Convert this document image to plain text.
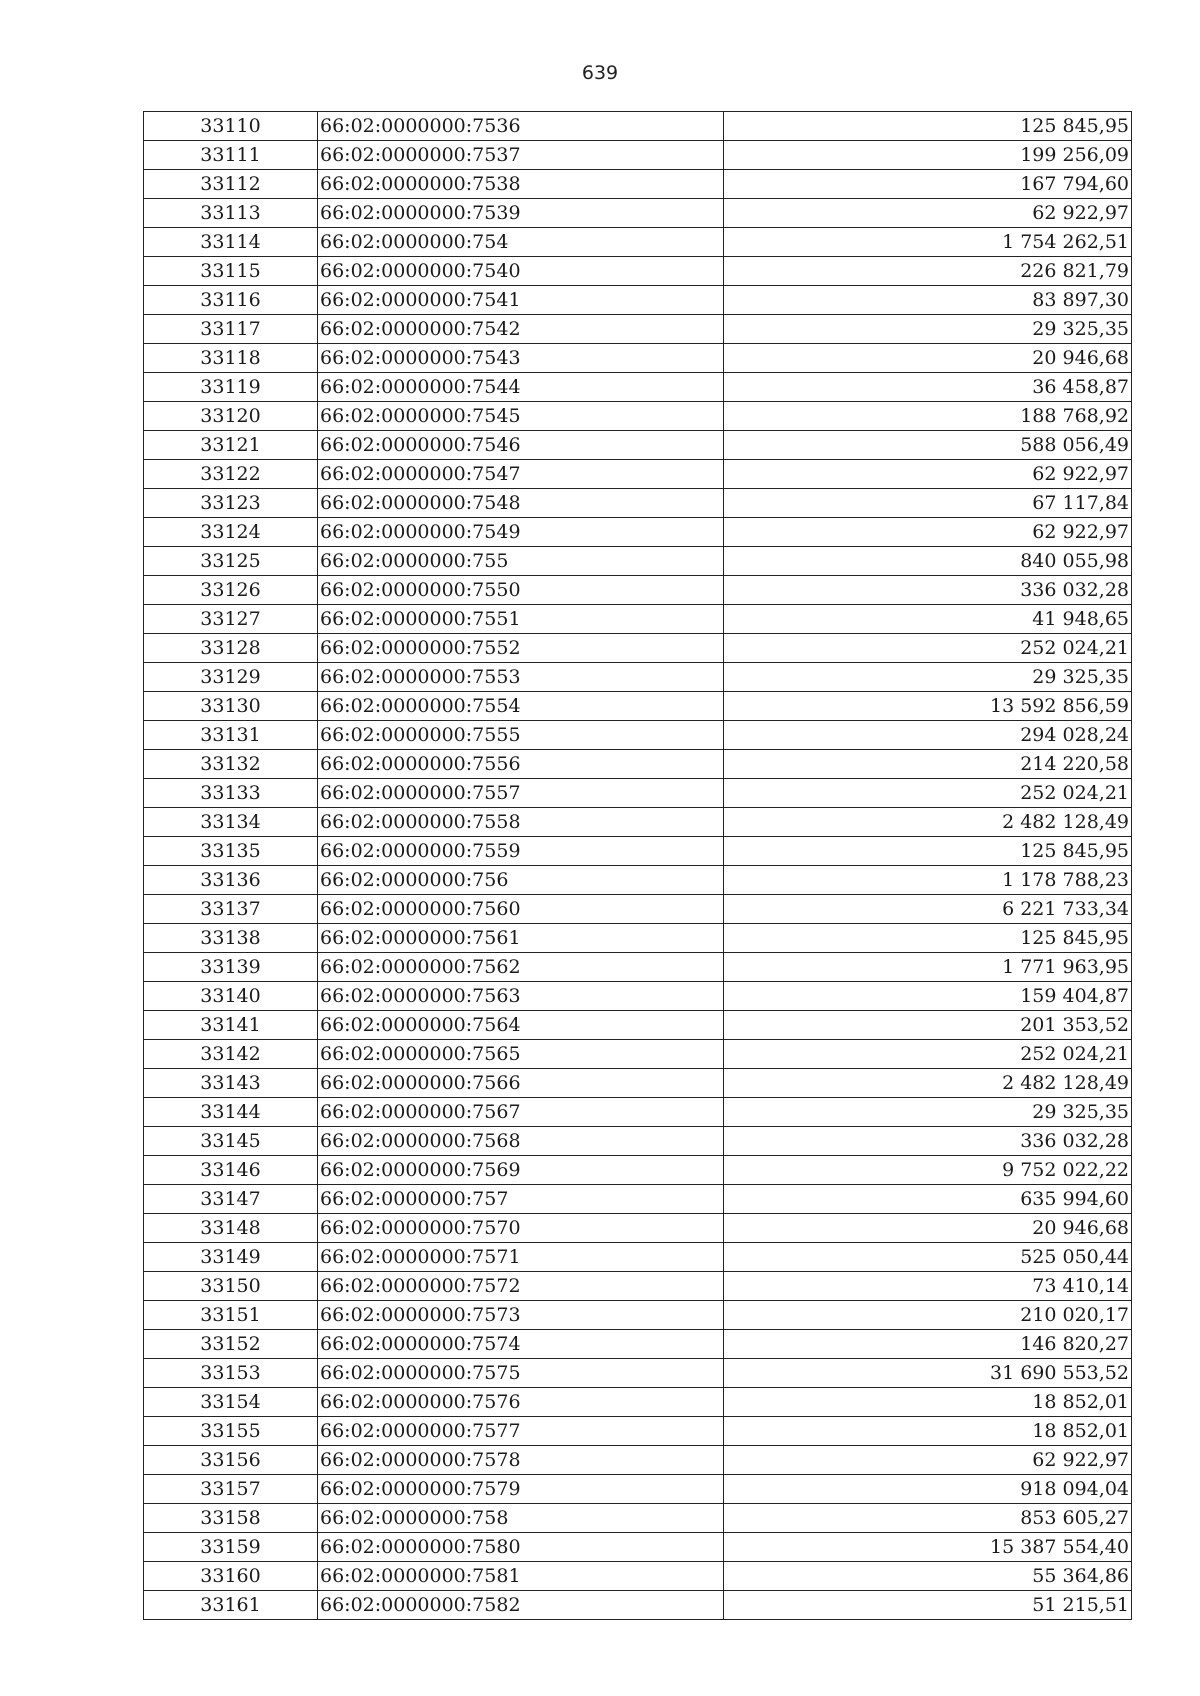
639
33110	66:02:0000000:7536	125 845,95
33111	66:02:0000000:7537	199 256,09
33112	66:02:0000000:7538	167 794,60
33113	66:02:0000000:7539	62 922,97
33114	66:02:0000000:754	1 754 262,51
33115	66:02:0000000:7540	226 821,79
33116	66:02:0000000:7541	83 897,30
33117	66:02:0000000:7542	29 325,35
33118	66:02:0000000:7543	20 946,68
33119	66:02:0000000:7544	36 458,87
33120	66:02:0000000:7545	188 768,92
33121	66:02:0000000:7546	588 056,49
33122	66:02:0000000:7547	62 922,97
33123	66:02:0000000:7548	67 117,84
33124	66:02:0000000:7549	62 922,97
33125	66:02:0000000:755	840 055,98
33126	66:02:0000000:7550	336 032,28
33127	66:02:0000000:7551	41 948,65
33128	66:02:0000000:7552	252 024,21
33129	66:02:0000000:7553	29 325,35
33130	66:02:0000000:7554	13 592 856,59
33131	66:02:0000000:7555	294 028,24
33132	66:02:0000000:7556	214 220,58
33133	66:02:0000000:7557	252 024,21
33134	66:02:0000000:7558	2 482 128,49
33135	66:02:0000000:7559	125 845,95
33136	66:02:0000000:756	1 178 788,23
33137	66:02:0000000:7560	6 221 733,34
33138	66:02:0000000:7561	125 845,95
33139	66:02:0000000:7562	1 771 963,95
33140	66:02:0000000:7563	159 404,87
33141	66:02:0000000:7564	201 353,52
33142	66:02:0000000:7565	252 024,21
33143	66:02:0000000:7566	2 482 128,49
33144	66:02:0000000:7567	29 325,35
33145	66:02:0000000:7568	336 032,28
33146	66:02:0000000:7569	9 752 022,22
33147	66:02:0000000:757	635 994,60
33148	66:02:0000000:7570	20 946,68
33149	66:02:0000000:7571	525 050,44
33150	66:02:0000000:7572	73 410,14
33151	66:02:0000000:7573	210 020,17
33152	66:02:0000000:7574	146 820,27
33153	66:02:0000000:7575	31 690 553,52
33154	66:02:0000000:7576	18 852,01
33155	66:02:0000000:7577	18 852,01
33156	66:02:0000000:7578	62 922,97
33157	66:02:0000000:7579	918 094,04
33158	66:02:0000000:758	853 605,27
33159	66:02:0000000:7580	15 387 554,40
33160	66:02:0000000:7581	55 364,86
33161	66:02:0000000:7582	51 215,51
